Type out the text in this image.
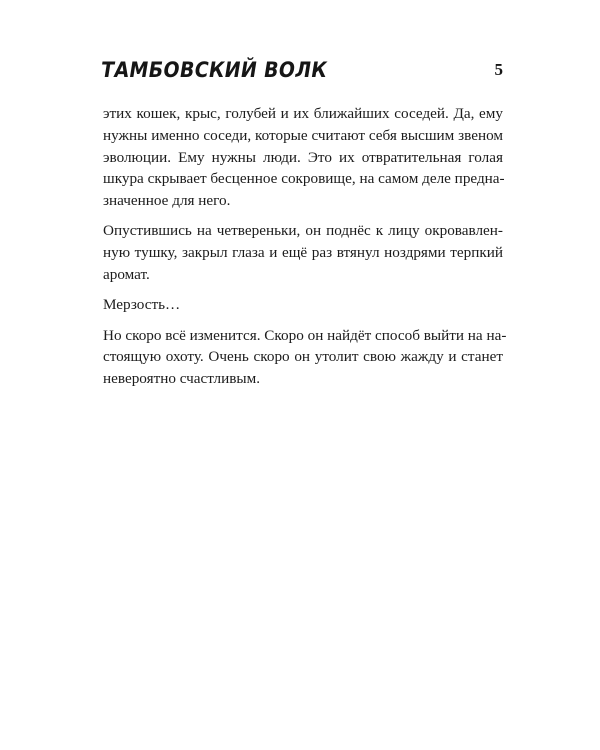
ТАМБОВСКИЙ ВОЛК	5

этих кошек, крыс, голубей и их ближайших соседей. Да, ему
нужны именно соседи, которые считают себя высшим звеном
эволюции. Ему нужны люди. Это их отвратительная голая
шкура скрывает бесценное сокровище, на самом деле предна-
значенное для него.

Опустившись на четвереньки, он поднёс к лицу окровавлен-
ную тушку, закрыл глаза и ещё раз втянул ноздрями терпкий
аромат.

Мерзость…

Но скоро всё изменится. Скоро он найдёт способ выйти на на-
стоящую охоту. Очень скоро он утолит свою жажду и станет
невероятно счастливым.
